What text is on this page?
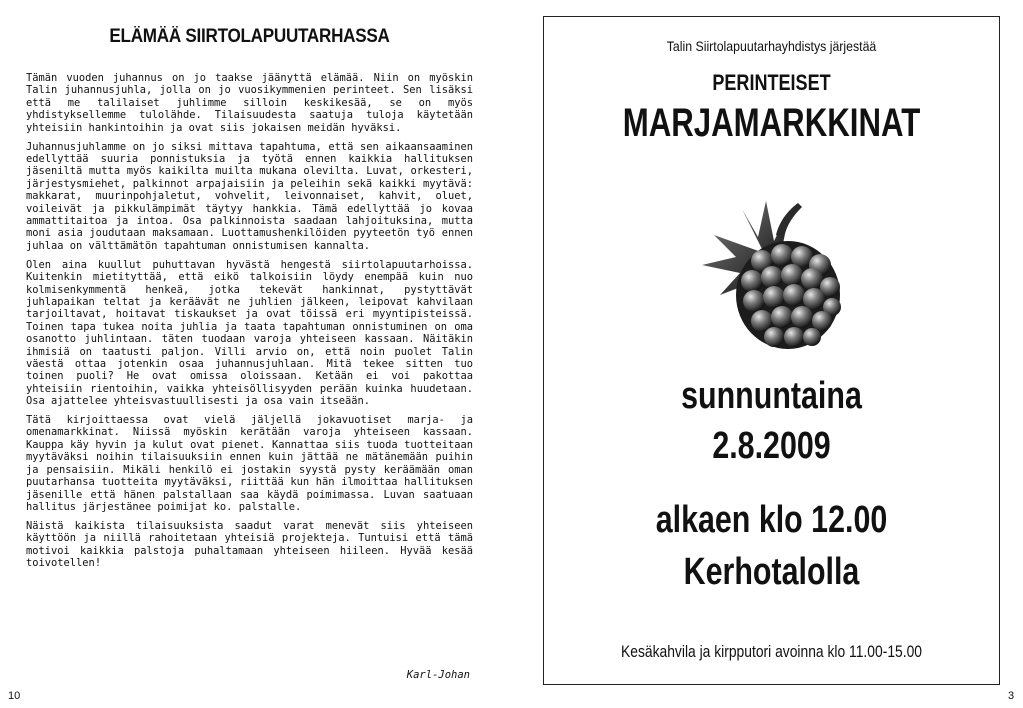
ELÄMÄÄ SIIRTOLAPUUTARHASSA

Tämän vuoden juhannus on jo taakse jäänyttä elämää. Niin on myöskin Talin juhannusjuhla, jolla on jo vuosikymmenien perinteet. Sen lisäksi että me talilaiset juhlimme silloin keskikesää, se on myös yhdistyksellemme tulolähde. Tilaisuudesta saatuja tuloja käytetään yhteisiin hankintoihin ja ovat siis jokaisen meidän hyväksi.

Juhannusjuhlamme on jo siksi mittava tapahtuma, että sen aikaansaaminen edellyttää suuria ponnistuksia ja työtä ennen kaikkia hallituksen jäseniltä mutta myös kaikilta muilta mukana olevilta. Luvat, orkesteri, järjestysmiehet, palkinnot arpajaisiin ja peleihin sekä kaikki myytävä: makkarat, muurinpohjaletut, vohvelit, leivonnaiset, kahvit, oluet, voileivät ja pikkulämpimät täytyy hankkia. Tämä edellyttää jo kovaa ammattitaitoa ja intoa. Osa palkinnoista saadaan lahjoituksina, mutta moni asia joudutaan maksamaan. Luottamushenkilöiden pyyteetön työ ennen juhlaa on välttämätön tapahtuman onnistumisen kannalta.

Olen aina kuullut puhuttavan hyvästä hengestä siirtolapuutarhoissa. Kuitenkin mietityttää, että eikö talkoisiin löydy enempää kuin nuo kolmisenkymmentä henkeä, jotka tekevät hankinnat, pystyttävät juhlapaikan teltat ja keräävät ne juhlien jälkeen, leipovat kahvilaan tarjoiltavat, hoitavat tiskaukset ja ovat töissä eri myyntipisteissä. Toinen tapa tukea noita juhlia ja taata tapahtuman onnistuminen on oma osanotto juhlintaan. täten tuodaan varoja yhteiseen kassaan. Näitäkin ihmisiä on taatusti paljon. Villi arvio on, että noin puolet Talin väestä ottaa jotenkin osaa juhannusjuhlaan. Mitä tekee sitten tuo toinen puoli? He ovat omissa oloissaan. Ketään ei voi pakottaa yhteisiin rientoihin, vaikka yhteisöllisyyden perään kuinka huudetaan. Osa ajattelee yhteisvastuullisesti ja osa vain itseään.

Tätä kirjoittaessa ovat vielä jäljellä jokavuotiset marja- ja omenamarkkinat. Niissä myöskin kerätään varoja yhteiseen kassaan. Kauppa käy hyvin ja kulut ovat pienet. Kannattaa siis tuoda tuotteitaan myytäväksi noihin tilaisuuksiin ennen kuin jättää ne mätänemään puihin ja pensaisiin. Mikäli henkilö ei jostakin syystä pysty keräämään oman puutarhansa tuotteita myytäväksi, riittää kun hän ilmoittaa hallituksen jäsenille että hänen palstallaan saa käydä poimimassa. Luvan saatuaan hallitus järjestänee poimijat ko. palstalle.

Näistä kaikista tilaisuuksista saadut varat menevät siis yhteiseen käyttöön ja niillä rahoitetaan yhteisiä projekteja. Tuntuisi että tämä motivoi kaikkia palstoja puhaltamaan yhteiseen hiileen. Hyvää kesää toivotellen!

Karl-Johan
10
Talin Siirtolapuutarhayhdistys järjestää
PERINTEISET
MARJAMARKKINAT
sunnuntaina
2.8.2009
alkaen klo 12.00
Kerhotalolla
Kesäkahvila ja kirpputori avoinna klo 11.00-15.00
3
